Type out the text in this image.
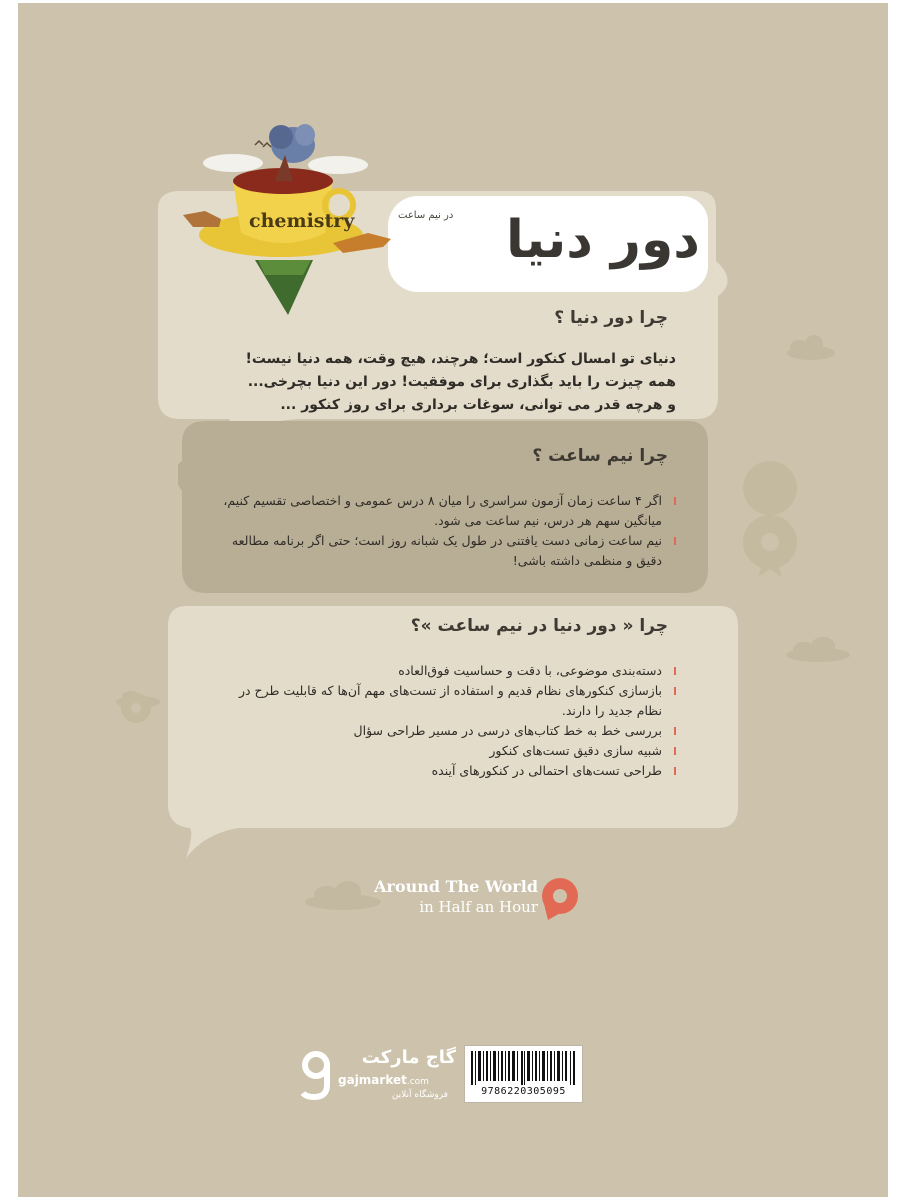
دور دنیا
در نیم ساعت
chemistry
چرا دور دنیا ؟
دنیای تو امسال کنکور است؛ هرچند، هیچ وقت، همه دنیا نیست!
همه چیزت را باید بگذاری برای موفقیت! دور این دنیا بچرخی...
و هرچه قدر می توانی، سوغات برداری برای روز کنکور ...
چرا نیم ساعت ؟
اگر ۴ ساعت زمان آزمون سراسری را میان ۸ درس عمومی و اختصاصی تقسیم کنیم، میانگین سهم هر درس، نیم ساعت می شود.
نیم ساعت زمانی دست یافتنی در طول یک شبانه روز است؛ حتی اگر برنامه مطالعه دقیق و منظمی داشته باشی!
چرا « دور دنیا در نیم ساعت »؟
دسته‌بندی موضوعی، با دقت و حساسیت فوق‌العاده
بازسازی کنکورهای نظام قدیم و استفاده از تست‌های مهم آن‌ها که قابلیت طرح در نظام جدید را دارند.
بررسی خط به خط کتاب‌های درسی در مسیر طراحی سؤال
شبیه سازی دقیق تست‌های کنکور
طراحی تست‌های احتمالی در کنکورهای آینده
Around The World
in Half an Hour
گاج مارکت
gajmarket.com
فروشگاه آنلاین	9786220305095
